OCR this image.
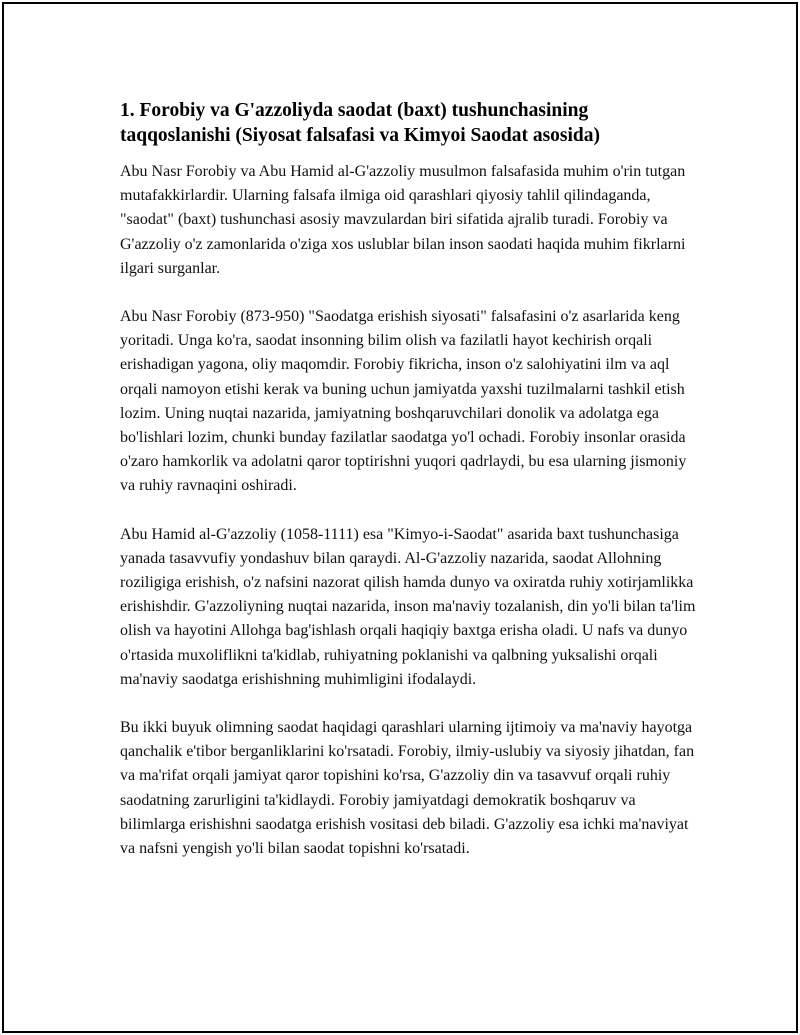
1. Forobiy va G'azzoliyda saodat (baxt) tushunchasining taqqoslanishi (Siyosat falsafasi va Kimyoi Saodat asosida)

Abu Nasr Forobiy va Abu Hamid al-G'azzoliy musulmon falsafasida muhim o'rin tutgan mutafakkirlardir. Ularning falsafa ilmiga oid qarashlari qiyosiy tahlil qilindaganda, "saodat" (baxt) tushunchasi asosiy mavzulardan biri sifatida ajralib turadi. Forobiy va G'azzoliy o'z zamonlarida o'ziga xos uslublar bilan inson saodati haqida muhim fikrlarni ilgari surganlar.

Abu Nasr Forobiy (873-950) "Saodatga erishish siyosati" falsafasini o'z asarlarida keng yoritadi. Unga ko'ra, saodat insonning bilim olish va fazilatli hayot kechirish orqali erishadigan yagona, oliy maqomdir. Forobiy fikricha, inson o'z salohiyatini ilm va aql orqali namoyon etishi kerak va buning uchun jamiyatda yaxshi tuzilmalarni tashkil etish lozim. Uning nuqtai nazarida, jamiyatning boshqaruvchilari donolik va adolatga ega bo'lishlari lozim, chunki bunday fazilatlar saodatga yo'l ochadi. Forobiy insonlar orasida o'zaro hamkorlik va adolatni qaror toptirishni yuqori qadrlaydi, bu esa ularning jismoniy va ruhiy ravnaqini oshiradi.

Abu Hamid al-G'azzoliy (1058-1111) esa "Kimyo-i-Saodat" asarida baxt tushunchasiga yanada tasavvufiy yondashuv bilan qaraydi. Al-G'azzoliy nazarida, saodat Allohning roziligiga erishish, o'z nafsini nazorat qilish hamda dunyo va oxiratda ruhiy xotirjamlikka erishishdir. G'azzoliyning nuqtai nazarida, inson ma'naviy tozalanish, din yo'li bilan ta'lim olish va hayotini Allohga bag'ishlash orqali haqiqiy baxtga erisha oladi. U nafs va dunyo o'rtasida muxoliflikni ta'kidlab, ruhiyatning poklanishi va qalbning yuksalishi orqali ma'naviy saodatga erishishning muhimligini ifodalaydi.

Bu ikki buyuk olimning saodat haqidagi qarashlari ularning ijtimoiy va ma'naviy hayotga qanchalik e'tibor berganliklarini ko'rsatadi. Forobiy, ilmiy-uslubiy va siyosiy jihatdan, fan va ma'rifat orqali jamiyat qaror topishini ko'rsa, G'azzoliy din va tasavvuf orqali ruhiy saodatning zarurligini ta'kidlaydi. Forobiy jamiyatdagi demokratik boshqaruv va bilimlarga erishishni saodatga erishish vositasi deb biladi. G'azzoliy esa ichki ma'naviyat va nafsni yengish yo'li bilan saodat topishni ko'rsatadi.
